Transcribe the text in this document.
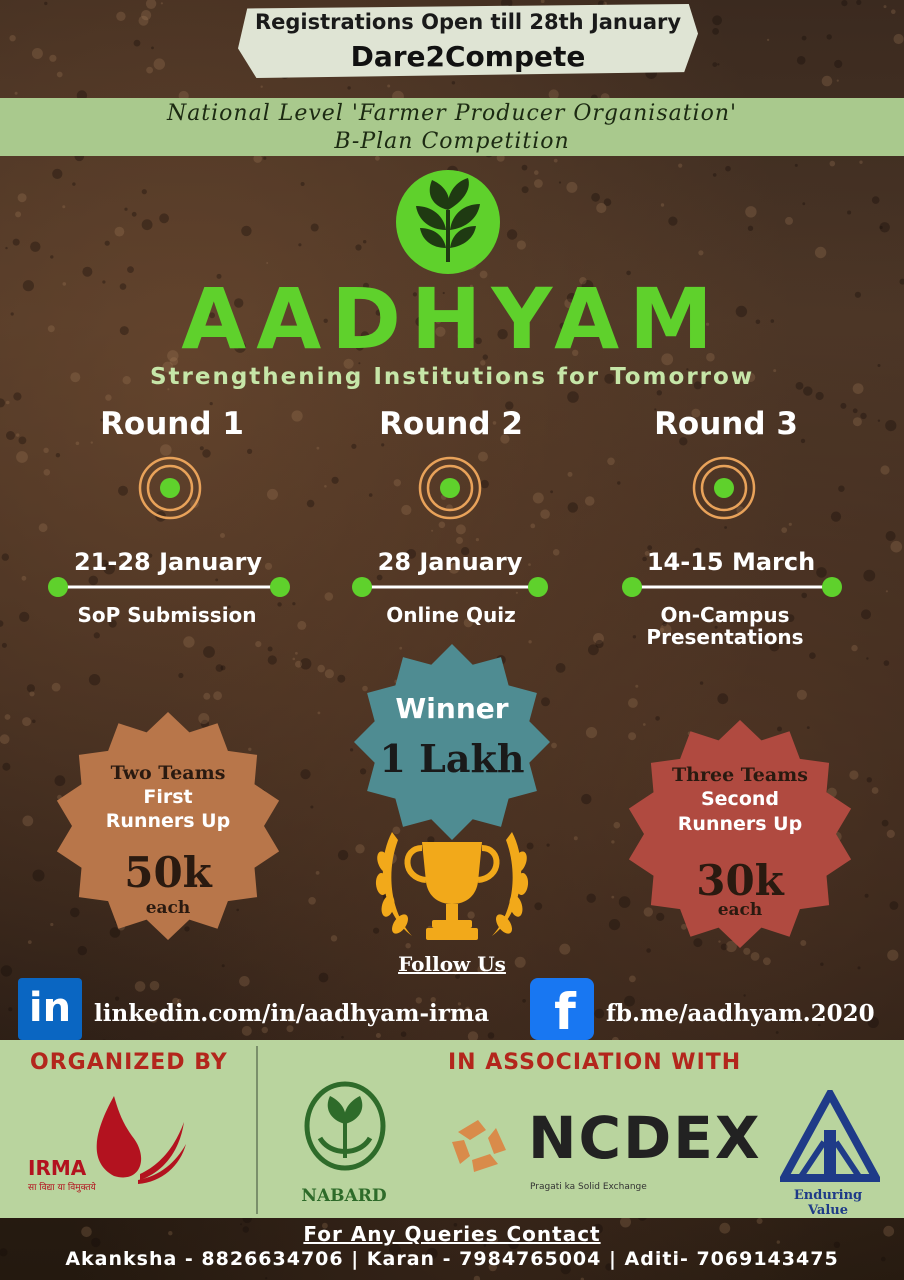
Registrations Open till 28th January
Dare2Compete
National Level 'Farmer Producer Organisation'
B-Plan Competition
AADHYAM
Strengthening Institutions for Tomorrow
Round 1	Round 2	Round 3
21-28 January	28 January	14-15 March
SoP Submission	Online Quiz	On-Campus
Presentations
Two Teams
First
Runners Up
50k
each
Winner
1 Lakh	Three Teams
Second
Runners Up
30k
each
Follow Us
in linkedin.com/in/aadhyam-irma	f	fb.me/aadhyam.2020
ORGANIZED BY	IN ASSOCIATION WITH
IRMA
सा विद्या या विमुक्तये	NABARD
NCDEX
Pragati ka Solid Exchange
Enduring Value
For Any Queries Contact
Akanksha - 8826634706 | Karan - 7984765004 | Aditi- 7069143475
